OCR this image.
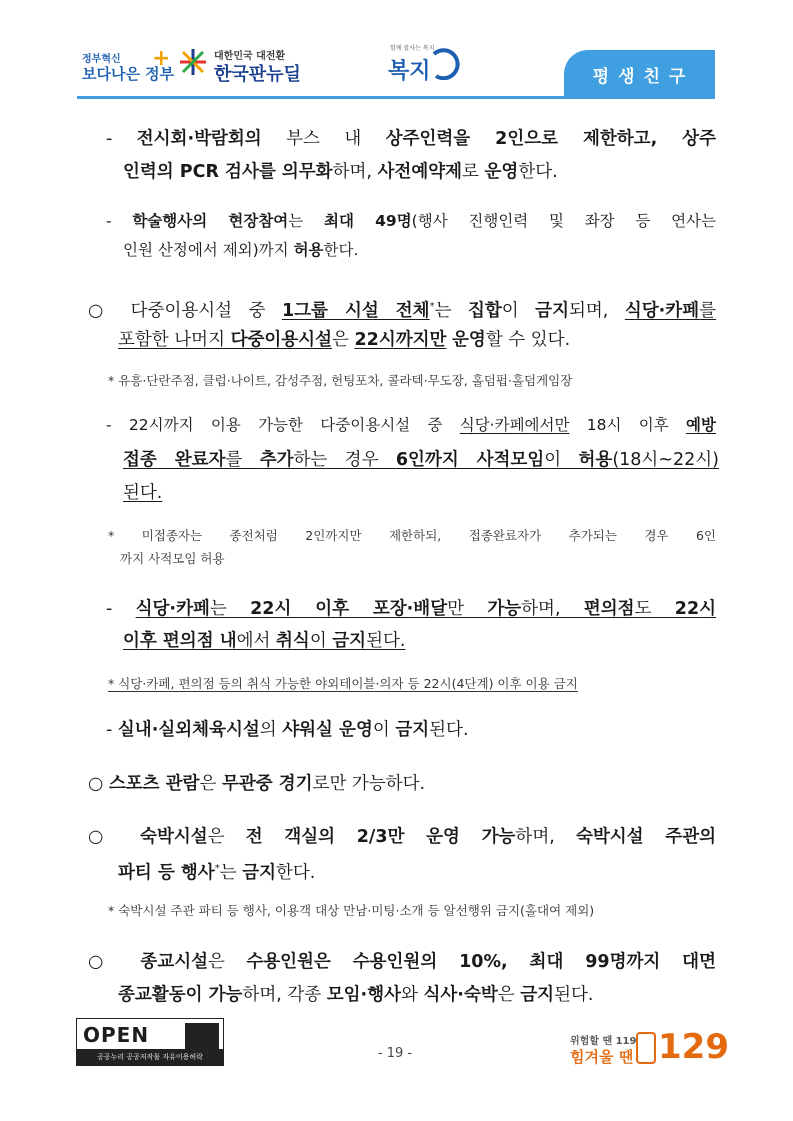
정부혁신
보다나은 정부
+	대한민국 대전환
한국판뉴딜
함께 잘사는 복지
복지	평생친구
- 전시회·박람회의 부스 내 상주인력을 2인으로 제한하고, 상주
인력의 PCR 검사를 의무화하며, 사전예약제로 운영한다.
- 학술행사의 현장참여는 최대 49명(행사 진행인력 및 좌장 등 연사는
인원 산정에서 제외)까지 허용한다.
○ 다중이용시설 중 1그룹 시설 전체*는 집합이 금지되며, 식당·카페를
포함한 나머지 다중이용시설은 22시까지만 운영할 수 있다.
* 유흥·단란주점, 클럽·나이트, 감성주점, 헌팅포차, 콜라텍·무도장, 홀덤펍·홀덤게임장
- 22시까지 이용 가능한 다중이용시설 중 식당·카페에서만 18시 이후 예방
접종 완료자를 추가하는 경우 6인까지 사적모임이 허용(18시~22시)
된다.
* 미접종자는 종전처럼 2인까지만 제한하되, 접종완료자가 추가되는 경우 6인
까지 사적모임 허용
- 식당·카페는 22시 이후 포장·배달만 가능하며, 편의점도 22시
이후 편의점 내에서 취식이 금지된다.
* 식당·카페, 편의점 등의 취식 가능한 야외테이블·의자 등 22시(4단계) 이후 이용 금지
- 실내·실외체육시설의 샤워실 운영이 금지된다.
○ 스포츠 관람은 무관중 경기로만 가능하다.
○ 숙박시설은 전 객실의 2/3만 운영 가능하며, 숙박시설 주관의
파티 등 행사*는 금지한다.
* 숙박시설 주관 파티 등 행사, 이용객 대상 만남·미팅·소개 등 알선행위 금지(홀대여 제외)
○ 종교시설은 수용인원은 수용인원의 10%, 최대 99명까지 대면
종교활동이 가능하며, 각종 모임·행사와 식사·숙박은 금지된다.
OPEN
공공누리 공공저작물 자유이용허락	- 19 -
위험할 땐 119
힘겨울 땐 129
